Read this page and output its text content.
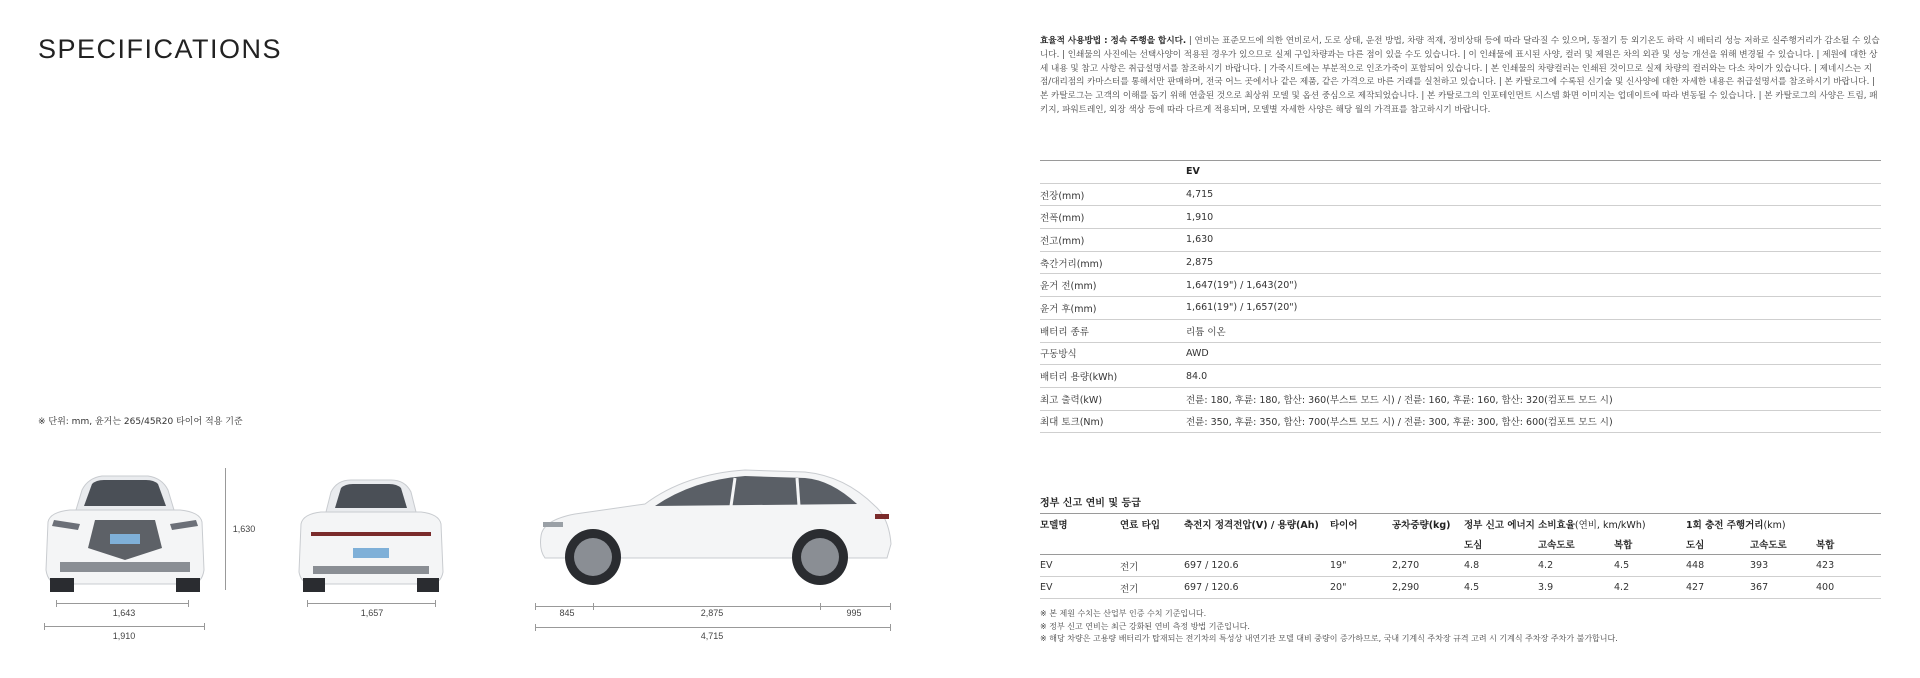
SPECIFICATIONS
※ 단위: mm, 윤거는 265/45R20 타이어 적용 기준
1,630
1,643
1,910
1,657	845	2,875	995
4,715
효율적 사용방법 : 정속 주행을 합시다. | 연비는 표준모드에 의한 연비로서, 도로 상태, 운전 방법, 차량 적재, 정비상태 등에 따라 달라질 수 있으며, 동절기 등 외기온도 하락 시 배터리 성능 저하로 실주행거리가 감소될 수 있습니다. | 인쇄물의 사진에는 선택사양이 적용된 경우가 있으므로 실제 구입차량과는 다른 점이 있을 수도 있습니다. | 이 인쇄물에 표시된 사양, 컬러 및 제원은 차의 외관 및 성능 개선을 위해 변경될 수 있습니다. | 제원에 대한 상세 내용 및 참고 사항은 취급설명서를 참조하시기 바랍니다. | 가죽시트에는 부분적으로 인조가죽이 포함되어 있습니다. | 본 인쇄물의 차량컬러는 인쇄된 것이므로 실제 차량의 컬러와는 다소 차이가 있습니다. | 제네시스는 지점/대리점의 카마스터를 통해서만 판매하며, 전국 어느 곳에서나 같은 제품, 같은 가격으로 바른 거래를 실천하고 있습니다. | 본 카탈로그에 수록된 신기술 및 신사양에 대한 자세한 내용은 취급설명서를 참조하시기 바랍니다. | 본 카탈로그는 고객의 이해를 돕기 위해 연출된 것으로 최상위 모델 및 옵션 중심으로 제작되었습니다. | 본 카탈로그의 인포테인먼트 시스템 화면 이미지는 업데이트에 따라 변동될 수 있습니다. | 본 카탈로그의 사양은 트림, 패키지, 파워트레인, 외장 색상 등에 따라 다르게 적용되며, 모델별 자세한 사양은 해당 월의 가격표를 참고하시기 바랍니다.
	EV
전장(mm)	4,715
전폭(mm)	1,910
전고(mm)	1,630
축간거리(mm)	2,875
윤거 전(mm)	1,647(19") / 1,643(20")
윤거 후(mm)	1,661(19") / 1,657(20")
배터리 종류	리튬 이온
구동방식	AWD
배터리 용량(kWh)	84.0
최고 출력(kW)	전륜: 180, 후륜: 180, 합산: 360(부스트 모드 시) / 전륜: 160, 후륜: 160, 합산: 320(컴포트 모드 시)
최대 토크(Nm)	전륜: 350, 후륜: 350, 합산: 700(부스트 모드 시) / 전륜: 300, 후륜: 300, 합산: 600(컴포트 모드 시)
정부 신고 연비 및 등급
모델명	연료 타입	축전지 정격전압(V) / 용량(Ah)	타이어	공차중량(kg)	정부 신고 에너지 소비효율(연비, km/kWh)			1회 충전 주행거리(km)		
					도심	고속도로	복합	도심	고속도로	복합
EV	전기	697 / 120.6	19"	2,270	4.8	4.2	4.5	448	393	423
EV	전기	697 / 120.6	20"	2,290	4.5	3.9	4.2	427	367	400
※ 본 제원 수치는 산업부 인증 수치 기준입니다.
※ 정부 신고 연비는 최근 강화된 연비 측정 방법 기준입니다.
※ 해당 차량은 고용량 배터리가 탑재되는 전기차의 특성상 내연기관 모델 대비 중량이 증가하므로, 국내 기계식 주차장 규격 고려 시 기계식 주차장 주차가 불가합니다.
